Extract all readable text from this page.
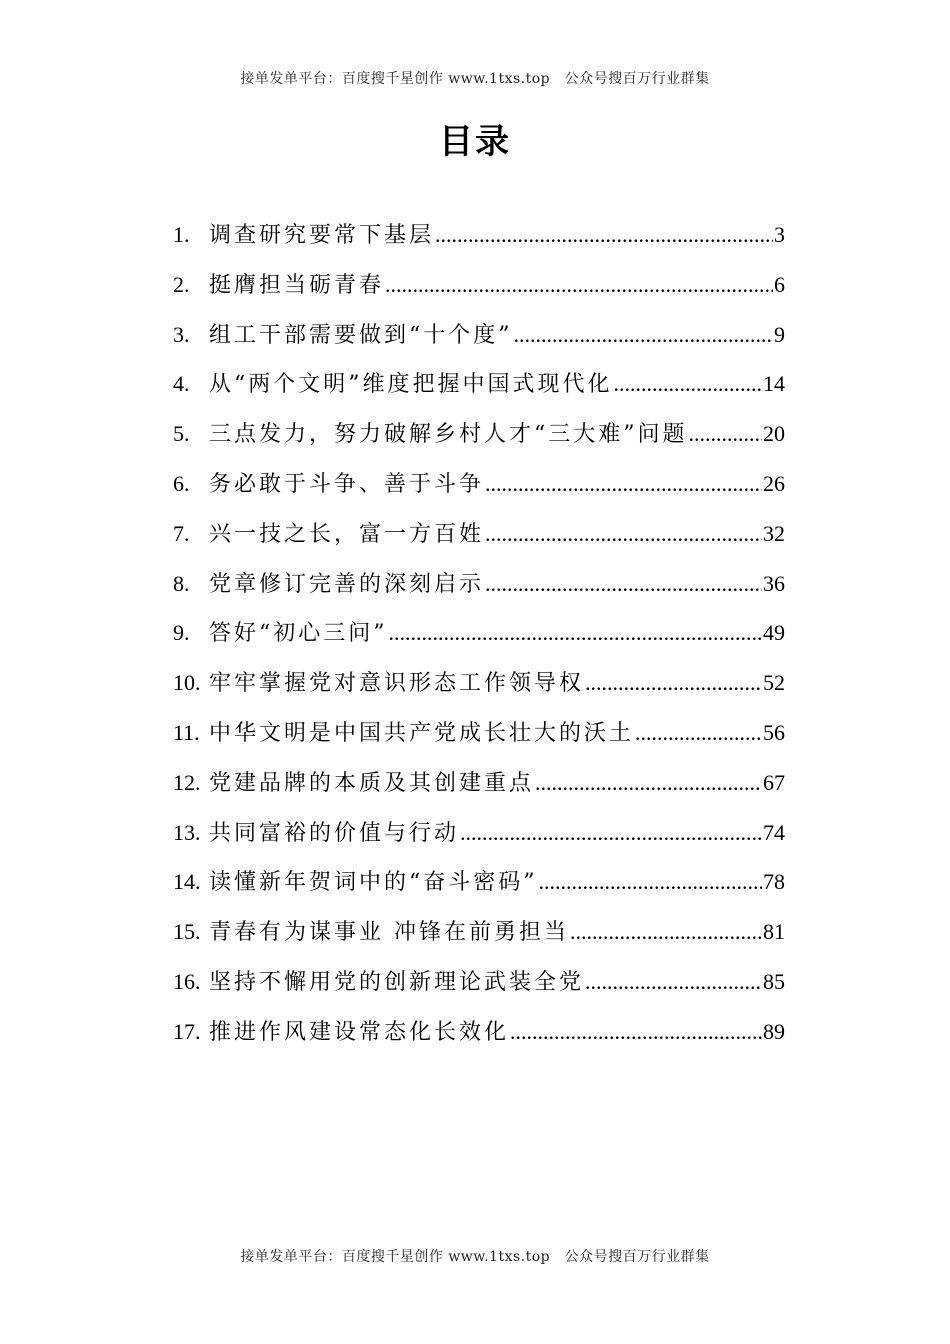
接单发单平台：百度搜千星创作 www.1txs.top　公众号搜百万行业群集
目录
1. 调查研究要常下基层 .....	3
2. 挺膺担当砺青春 .....	6
3. 组工干部需要做到“十个度” .....	9
4. 从“两个文明”维度把握中国式现代化 .....	14
5. 三点发力，努力破解乡村人才“三大难”问题 .....	20
6. 务必敢于斗争、善于斗争 .....	26
7. 兴一技之长，富一方百姓 .....	32
8. 党章修订完善的深刻启示 .....	36
9. 答好“初心三问” .....	49
10. 牢牢掌握党对意识形态工作领导权 .....	52
11. 中华文明是中国共产党成长壮大的沃土 .....	56
12. 党建品牌的本质及其创建重点 .....	67
13. 共同富裕的价值与行动 .....	74
14. 读懂新年贺词中的“奋斗密码” .....	78
15. 青春有为谋事业 冲锋在前勇担当 .....	81
16. 坚持不懈用党的创新理论武装全党 .....	85
17. 推进作风建设常态化长效化 .....	89
接单发单平台：百度搜千星创作 www.1txs.top　公众号搜百万行业群集
